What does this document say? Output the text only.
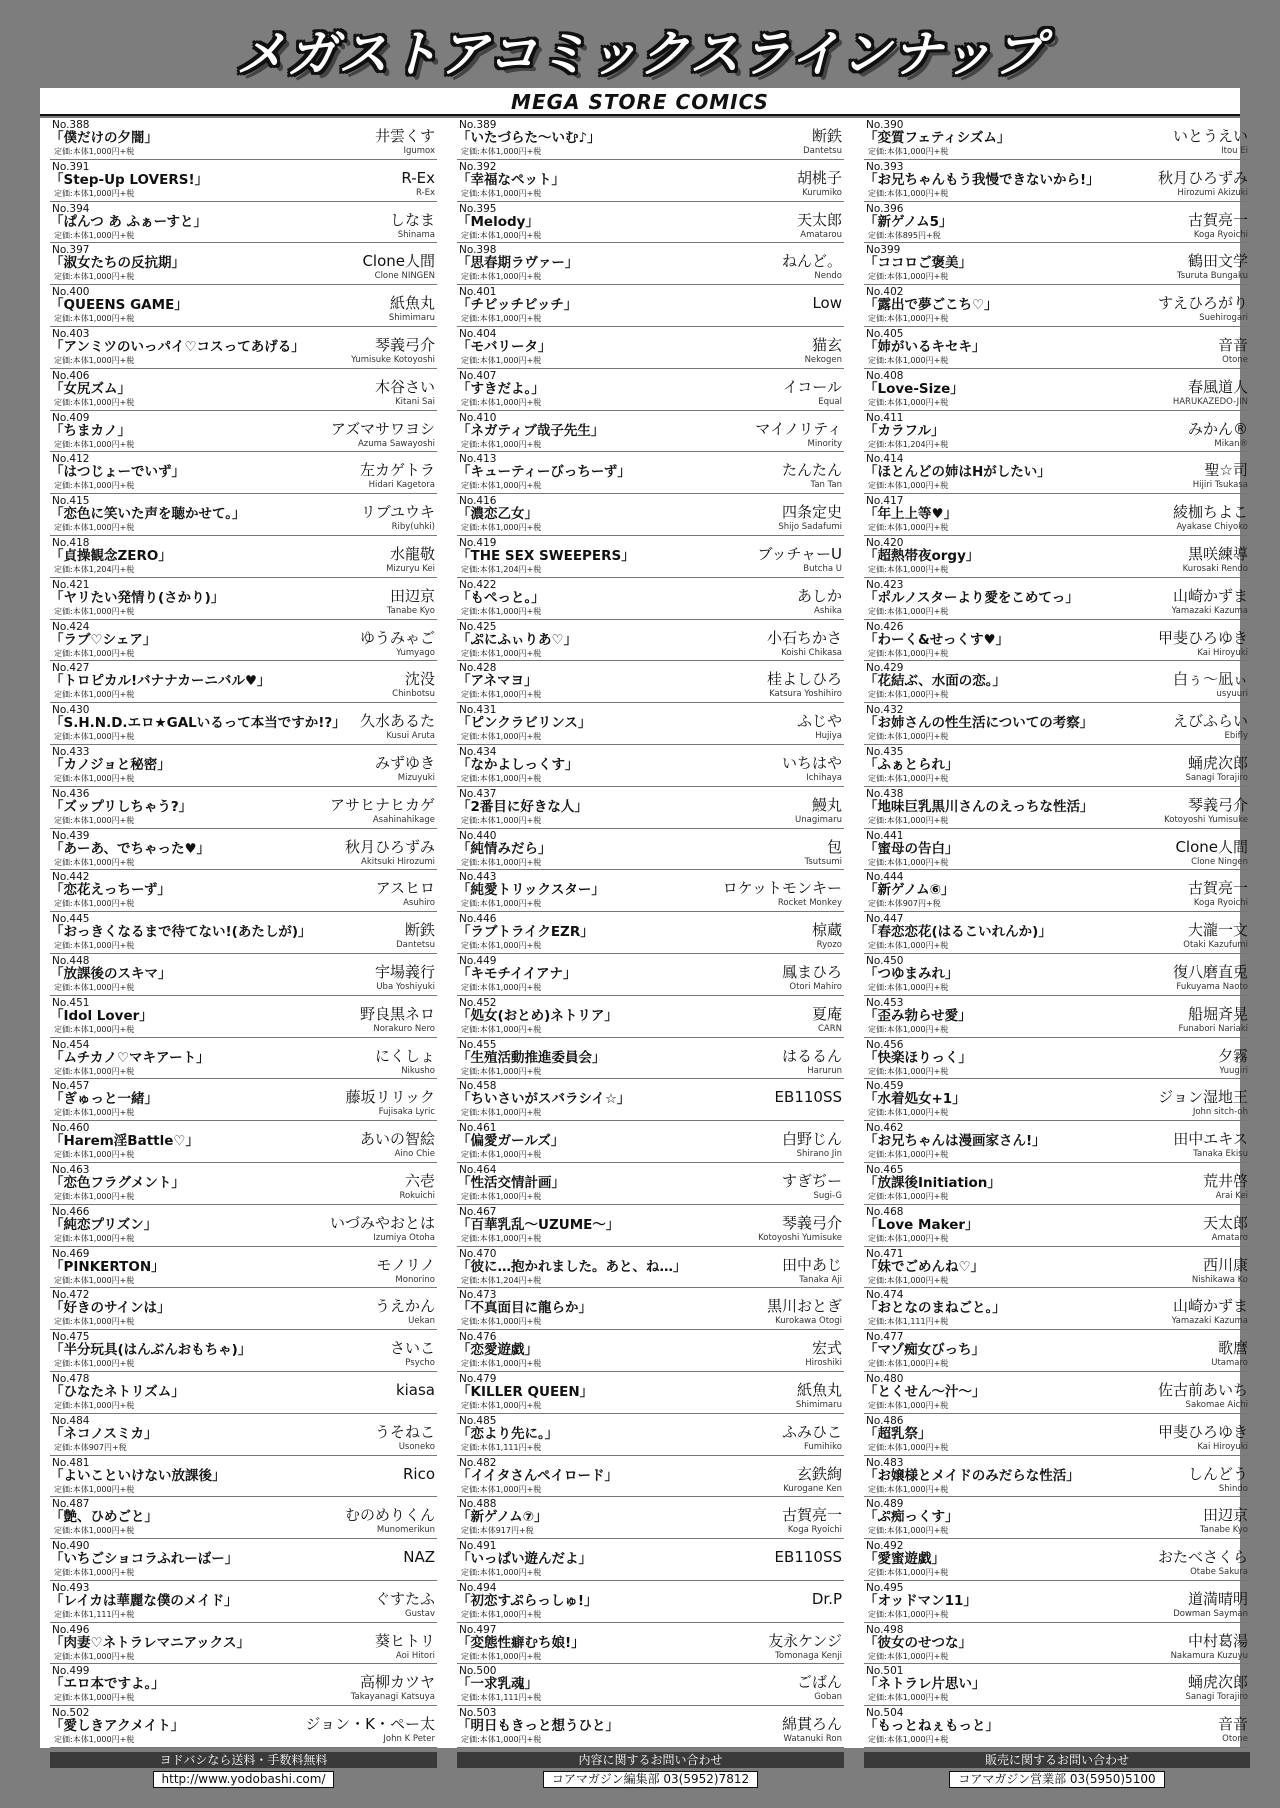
メガストアコミックスラインナップ
MEGA STORE COMICS
No.388
「僕だけの夕闇」
定価:本体1,000円+税
井雲くす
Igumox
No.391
「Step-Up LOVERS!」
定価:本体1,000円+税
R-Ex
R-Ex
No.394
「ぱんつ あ ふぁーすと」
定価:本体1,000円+税
しなま
Shinama
No.397
「淑女たちの反抗期」
定価:本体1,000円+税
Clone人間
Clone NINGEN
No.400
「QUEENS GAME」
定価:本体1,000円+税
紙魚丸
Shimimaru
No.403
「アンミツのいっパイ♡コスってあげる」
定価:本体1,000円+税
琴義弓介
Yumisuke Kotoyoshi
No.406
「女尻ズム」
定価:本体1,000円+税
木谷さい
Kitani Sai
No.409
「ちまカノ」
定価:本体1,000円+税
アズマサワヨシ
Azuma Sawayoshi
No.412
「はつじょーでいず」
定価:本体1,000円+税
左カゲトラ
Hidari Kagetora
No.415
「恋色に笑いた声を聴かせて。」
定価:本体1,000円+税
リブユウキ
Riby(uhki)
No.418
「貞操観念ZERO」
定価:本体1,204円+税
水龍敬
Mizuryu Kei
No.421
「ヤリたい発情り(さかり)」
定価:本体1,000円+税
田辺京
Tanabe Kyo
No.424
「ラブ♡シェア」
定価:本体1,000円+税
ゆうみゃご
Yumyago
No.427
「トロピカル!バナナカーニバル♥」
定価:本体1,000円+税
沈没
Chinbotsu
No.430
「S.H.N.D.エロ★GALいるって本当ですか!?」
定価:本体1,000円+税
久水あるた
Kusui Aruta
No.433
「カノジョと秘密」
定価:本体1,000円+税
みずゆき
Mizuyuki
No.436
「ズップリしちゃう?」
定価:本体1,000円+税
アサヒナヒカゲ
Asahinahikage
No.439
「あーあ、でちゃった♥」
定価:本体1,000円+税
秋月ひろずみ
Akitsuki Hirozumi
No.442
「恋花えっちーず」
定価:本体1,000円+税
アスヒロ
Asuhiro
No.445
「おっきくなるまで待てない!(あたしが)」
定価:本体1,000円+税
断鉄
Dantetsu
No.448
「放課後のスキマ」
定価:本体1,000円+税
宇場義行
Uba Yoshiyuki
No.451
「Idol Lover」
定価:本体1,000円+税
野良黒ネロ
Norakuro Nero
No.454
「ムチカノ♡マキアート」
定価:本体1,000円+税
にくしょ
Nikusho
No.457
「ぎゅっと一緒」
定価:本体1,000円+税
藤坂リリック
Fujisaka Lyric
No.460
「Harem淫Battle♡」
定価:本体1,000円+税
あいの智絵
Aino Chie
No.463
「恋色フラグメント」
定価:本体1,000円+税
六壱
Rokuichi
No.466
「純恋プリズン」
定価:本体1,000円+税
いづみやおとは
Izumiya Otoha
No.469
「PINKERTON」
定価:本体1,000円+税
モノリノ
Monorino
No.472
「好きのサインは」
定価:本体1,000円+税
うえかん
Uekan
No.475
「半分玩具(はんぶんおもちゃ)」
定価:本体1,000円+税
さいこ
Psycho
No.478
「ひなたネトリズム」
定価:本体1,000円+税
kiasa
No.484
「ネコノスミカ」
定価:本体907円+税
うそねこ
Usoneko
No.481
「よいこといけない放課後」
定価:本体1,000円+税
Rico
No.487
「艶、ひめごと」
定価:本体1,000円+税
むのめりくん
Munomerikun
No.490
「いちごショコラふれーばー」
定価:本体1,000円+税
NAZ
No.493
「レイカは華麗な僕のメイド」
定価:本体1,111円+税
ぐすたふ
Gustav
No.496
「肉妻♡ネトラレマニアックス」
定価:本体1,000円+税
葵ヒトリ
Aoi Hitori
No.499
「エロ本ですよ。」
定価:本体1,000円+税
高柳カツヤ
Takayanagi Katsuya
No.502
「愛しきアクメイト」
定価:本体1,000円+税
ジョン・K・ペー太
John K Peter
No.389
「いたづらた〜いむ♪」
定価:本体1,000円+税
断鉄
Dantetsu
No.392
「幸福なペット」
定価:本体1,000円+税
胡桃子
Kurumiko
No.395
「Melody」
定価:本体1,000円+税
天太郎
Amatarou
No.398
「思春期ラヴァー」
定価:本体1,000円+税
ねんど。
Nendo
No.401
「チビッチビッチ」
定価:本体1,000円+税
Low
No.404
「モバリータ」
定価:本体1,000円+税
猫玄
Nekogen
No.407
「すきだよ。」
定価:本体1,000円+税
イコール
Equal
No.410
「ネガティブ哉子先生」
定価:本体1,000円+税
マイノリティ
Minority
No.413
「キューティーびっちーず」
定価:本体1,000円+税
たんたん
Tan Tan
No.416
「濃恋乙女」
定価:本体1,000円+税
四条定史
Shijo Sadafumi
No.419
「THE SEX SWEEPERS」
定価:本体1,204円+税
ブッチャーU
Butcha U
No.422
「もぺっと。」
定価:本体1,000円+税
あしか
Ashika
No.425
「ぷにふぃりあ♡」
定価:本体1,000円+税
小石ちかさ
Koishi Chikasa
No.428
「アネマヨ」
定価:本体1,000円+税
桂よしひろ
Katsura Yoshihiro
No.431
「ピンクラビリンス」
定価:本体1,000円+税
ふじや
Hujiya
No.434
「なかよしっくす」
定価:本体1,000円+税
いちはや
Ichihaya
No.437
「2番目に好きな人」
定価:本体1,000円+税
鰻丸
Unagimaru
No.440
「純情みだら」
定価:本体1,000円+税
包
Tsutsumi
No.443
「純愛トリックスター」
定価:本体1,000円+税
ロケットモンキー
Rocket Monkey
No.446
「ラブトライクEZR」
定価:本体1,000円+税
椋蔵
Ryozo
No.449
「キモチイイアナ」
定価:本体1,000円+税
鳳まひろ
Otori Mahiro
No.452
「処女(おとめ)ネトリア」
定価:本体1,000円+税
夏庵
CARN
No.455
「生殖活動推進委員会」
定価:本体1,000円+税
はるるん
Harurun
No.458
「ちいさいがスバラシイ☆」
定価:本体1,000円+税
EB110SS
No.461
「偏愛ガールズ」
定価:本体1,000円+税
白野じん
Shirano Jin
No.464
「性活交情計画」
定価:本体1,000円+税
すぎぢー
Sugi-G
No.467
「百華乳乱〜UZUME〜」
定価:本体1,000円+税
琴義弓介
Kotoyoshi Yumisuke
No.470
「彼に…抱かれました。あと、ね…」
定価:本体1,204円+税
田中あじ
Tanaka Aji
No.473
「不真面目に龍らか」
定価:本体1,000円+税
黒川おとぎ
Kurokawa Otogi
No.476
「恋愛遊戯」
定価:本体1,000円+税
宏式
Hiroshiki
No.479
「KILLER QUEEN」
定価:本体1,000円+税
紙魚丸
Shimimaru
No.485
「恋より先に。」
定価:本体1,111円+税
ふみひこ
Fumihiko
No.482
「イイタさんペイロード」
定価:本体1,000円+税
玄鉄絢
Kurogane Ken
No.488
「新ゲノム⑦」
定価:本体917円+税
古賀亮一
Koga Ryoichi
No.491
「いっぱい遊んだよ」
定価:本体1,000円+税
EB110SS
No.494
「初恋すぷらっしゅ!」
定価:本体1,000円+税
Dr.P
No.497
「変態性癖むち娘!」
定価:本体1,000円+税
友永ケンジ
Tomonaga Kenji
No.500
「一求乳魂」
定価:本体1,111円+税
ごばん
Goban
No.503
「明日もきっと想うひと」
定価:本体1,000円+税
綿貫ろん
Watanuki Ron
No.390
「変質フェティシズム」
定価:本体1,000円+税
いとうえい
Itou Ei
No.393
「お兄ちゃんもう我慢できないから!」
定価:本体1,000円+税
秋月ひろずみ
Hirozumi Akizuki
No.396
「新ゲノム5」
定価:本体895円+税
古賀亮一
Koga Ryoichi
No399
「ココロご褒美」
定価:本体1,000円+税
鶴田文学
Tsuruta Bungaku
No.402
「露出で夢ごこち♡」
定価:本体1,000円+税
すえひろがり
Suehirogari
No.405
「姉がいるキセキ」
定価:本体1,000円+税
音音
Otone
No.408
「Love-Size」
定価:本体1,000円+税
春風道人
HARUKAZEDO-JIN
No.411
「カラフル」
定価:本体1,204円+税
みかん®
Mikan®
No.414
「ほとんどの姉はHがしたい」
定価:本体1,000円+税
聖☆司
Hijiri Tsukasa
No.417
「年上上等♥」
定価:本体1,000円+税
綾枷ちよこ
Ayakase Chiyoko
No.420
「超熱帯夜orgy」
定価:本体1,000円+税
黒咲練導
Kurosaki Rendo
No.423
「ポルノスターより愛をこめてっ」
定価:本体1,000円+税
山崎かずま
Yamazaki Kazuma
No.426
「わーく&せっくす♥」
定価:本体1,000円+税
甲斐ひろゆき
Kai Hiroyuki
No.429
「花結ぶ、水面の恋。」
定価:本体1,000円+税
白ぅ〜凪ぃ
usyuuri
No.432
「お姉さんの性生活についての考察」
定価:本体1,000円+税
えびふらい
Ebifly
No.435
「ふぁとられ」
定価:本体1,000円+税
蛹虎次郎
Sanagi Torajiro
No.438
「地味巨乳黒川さんのえっちな性活」
定価:本体1,000円+税
琴義弓介
Kotoyoshi Yumisuke
No.441
「蜜母の告白」
定価:本体1,000円+税
Clone人間
Clone Ningen
No.444
「新ゲノム⑥」
定価:本体907円+税
古賀亮一
Koga Ryoichi
No.447
「春恋恋花(はるこいれんか)」
定価:本体1,000円+税
大瀧一文
Otaki Kazufumi
No.450
「つゆまみれ」
定価:本体1,000円+税
復八磨直兎
Fukuyama Naoto
No.453
「歪み勃らせ愛」
定価:本体1,000円+税
船堀斉晃
Funabori Nariaki
No.456
「快楽ほりっく」
定価:本体1,000円+税
夕霧
Yuugiri
No.459
「水着処女+1」
定価:本体1,000円+税
ジョン湿地王
John sitch-oh
No.462
「お兄ちゃんは漫画家さん!」
定価:本体1,000円+税
田中エキス
Tanaka Ekisu
No.465
「放課後Initiation」
定価:本体1,000円+税
荒井啓
Arai Kei
No.468
「Love Maker」
定価:本体1,000円+税
天太郎
Amataro
No.471
「妹でごめんね♡」
定価:本体1,000円+税
西川康
Nishikawa Ko
No.474
「おとなのまねごと。」
定価:本体1,111円+税
山崎かずま
Yamazaki Kazuma
No.477
「マゾ痴女びっち」
定価:本体1,000円+税
歌麿
Utamaro
No.480
「とくせん〜汁〜」
定価:本体1,000円+税
佐古前あいち
Sakomae Aichi
No.486
「超乳祭」
定価:本体1,000円+税
甲斐ひろゆき
Kai Hiroyuki
No.483
「お嬢様とメイドのみだらな性活」
定価:本体1,000円+税
しんどう
Shindo
No.489
「ぷ痴っくす」
定価:本体1,000円+税
田辺京
Tanabe Kyo
No.492
「愛蜜遊戯」
定価:本体1,000円+税
おたべさくら
Otabe Sakura
No.495
「オッドマン11」
定価:本体1,000円+税
道満晴明
Dowman Sayman
No.498
「彼女のせつな」
定価:本体1,000円+税
中村葛湯
Nakamura Kuzuyu
No.501
「ネトラレ片思い」
定価:本体1,000円+税
蛹虎次郎
Sanagi Torajiro
No.504
「もっとねぇもっと」
定価:本体1,000円+税
音音
Otone
ヨドバシなら送料・手数料無料
http://www.yodobashi.com/
内容に関するお問い合わせ
コアマガジン編集部 03(5952)7812
販売に関するお問い合わせ
コアマガジン営業部 03(5950)5100
